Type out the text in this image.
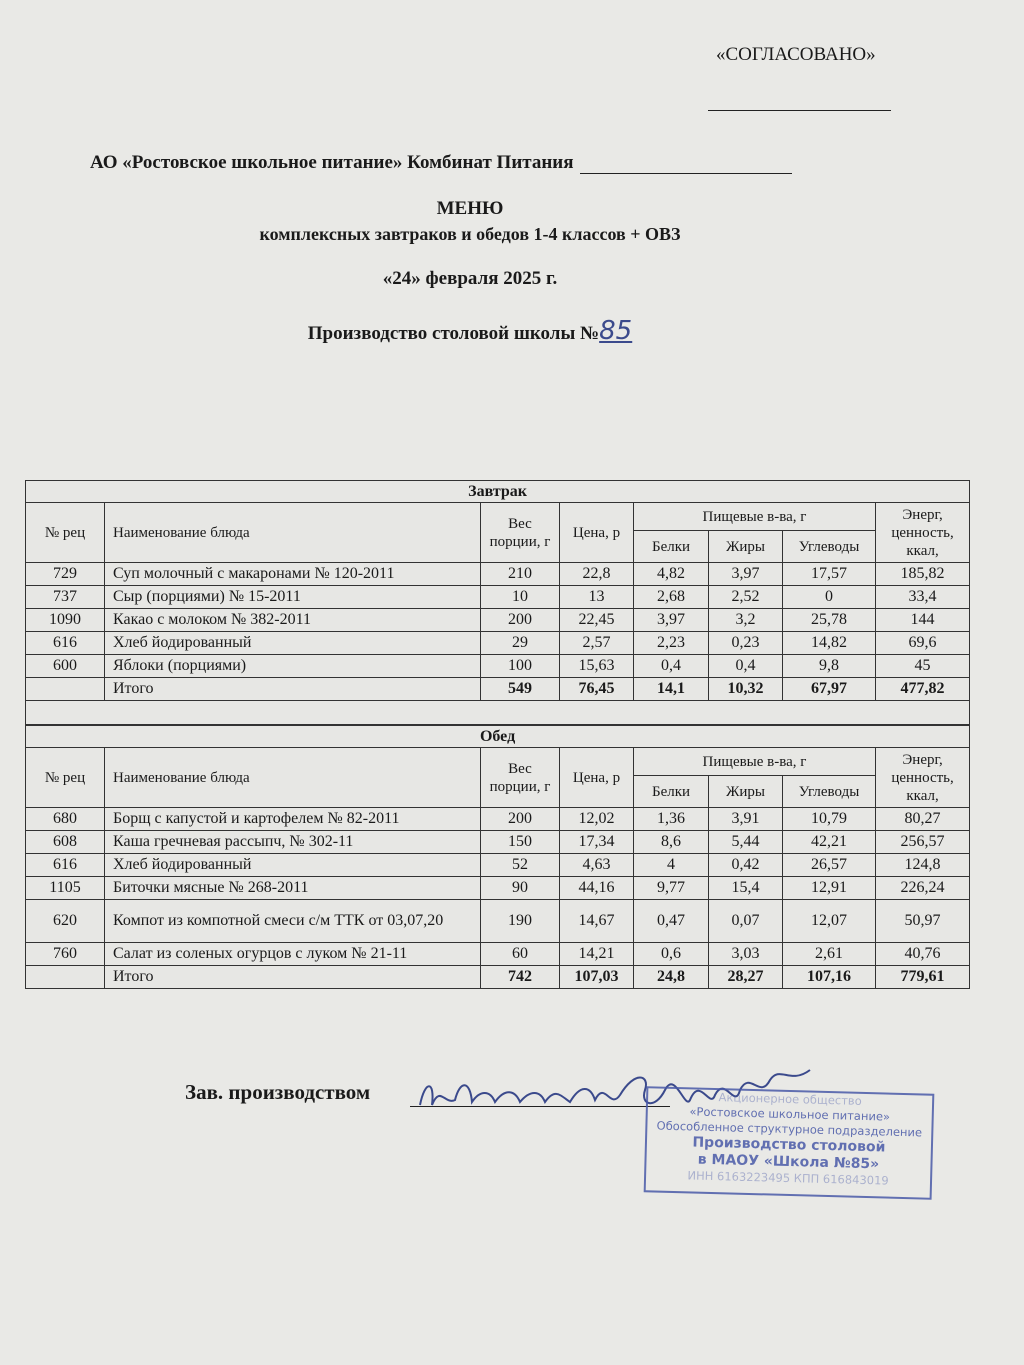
«СОГЛАСОВАНО»
АО «Ростовское школьное питание» Комбинат Питания
МЕНЮ
комплексных завтраков и обедов 1-4 классов + ОВЗ
«24» февраля 2025 г.
Производство столовой школы №85
Завтрак							
№ рец	Наименование блюда	Вес порции, г	Цена, р	Пищевые в-ва, г			Энерг, ценность, ккал,
				Белки	Жиры	Углеводы	
729	Суп молочный с макаронами № 120-2011	210	22,8	4,82	3,97	17,57	185,82
737	Сыр (порциями) № 15-2011	10	13	2,68	2,52	0	33,4
1090	Какао с молоком № 382-2011	200	22,45	3,97	3,2	25,78	144
616	Хлеб йодированный	29	2,57	2,23	0,23	14,82	69,6
600	Яблоки (порциями)	100	15,63	0,4	0,4	9,8	45
	Итого	549	76,45	14,1	10,32	67,97	477,82

Обед							
№ рец	Наименование блюда	Вес порции, г	Цена, р	Пищевые в-ва, г			Энерг, ценность, ккал,
				Белки	Жиры	Углеводы	
680	Борщ с капустой и картофелем № 82-2011	200	12,02	1,36	3,91	10,79	80,27
608	Каша гречневая рассыпч, № 302-11	150	17,34	8,6	5,44	42,21	256,57
616	Хлеб йодированный	52	4,63	4	0,42	26,57	124,8
1105	Биточки мясные № 268-2011	90	44,16	9,77	15,4	12,91	226,24
620	Компот из компотной смеси с/м ТТК от 03,07,20	190	14,67	0,47	0,07	12,07	50,97
760	Салат из соленых огурцов с луком № 21-11	60	14,21	0,6	3,03	2,61	40,76
	Итого	742	107,03	24,8	28,27	107,16	779,61
Зав. производством	Акционерное общество
«Ростовское школьное питание»
Обособленное структурное подразделение
Производство столовой
в МАОУ «Школа №85»
ИНН 6163223495 КПП 616843019
